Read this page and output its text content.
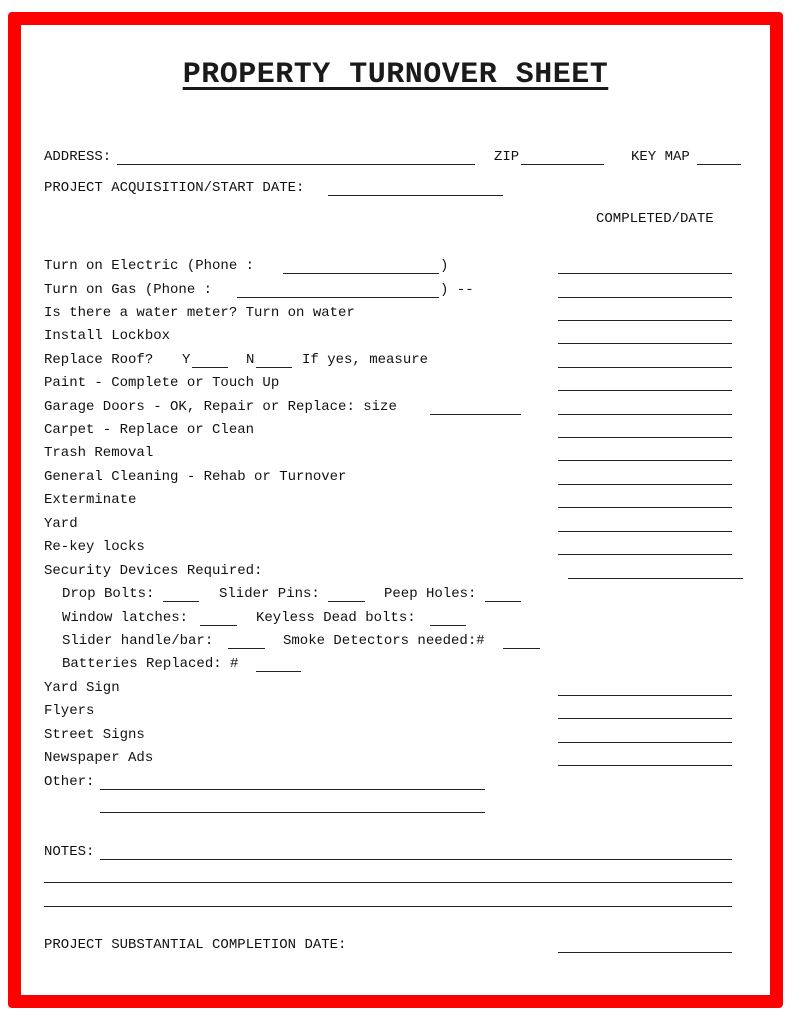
PROPERTY TURNOVER SHEET
ADDRESS:	ZIP	KEY MAP
PROJECT ACQUISITION/START DATE:
COMPLETED/DATE
Turn on Electric (Phone :	)
Turn on Gas (Phone :	) --
Is there a water meter? Turn on water
Install Lockbox
Replace Roof? Y	N	If yes, measure
Paint - Complete or Touch Up
Garage Doors - OK, Repair or Replace: size
Carpet - Replace or Clean
Trash Removal
General Cleaning - Rehab or Turnover
Exterminate
Yard
Re-key locks
Security Devices Required:
Drop Bolts:	Slider Pins:	Peep Holes:
Window latches:	Keyless Dead bolts:
Slider handle/bar:	Smoke Detectors needed:#
Batteries Replaced: #
Yard Sign
Flyers
Street Signs
Newspaper Ads
Other:
NOTES:
PROJECT SUBSTANTIAL COMPLETION DATE:
